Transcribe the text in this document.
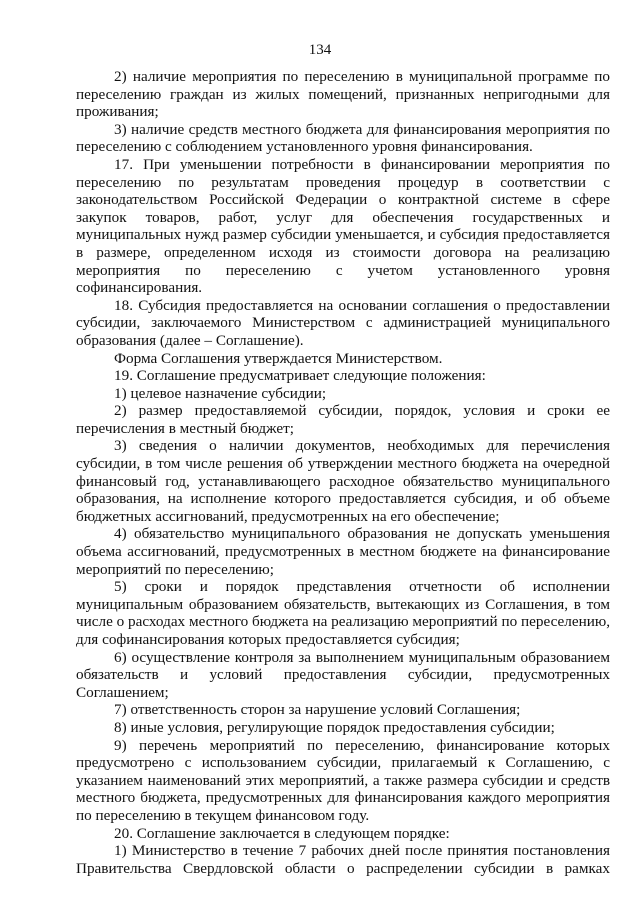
134

2) наличие мероприятия по переселению в муниципальной программе по переселению граждан из жилых помещений, признанных непригодными для проживания;

3) наличие средств местного бюджета для финансирования мероприятия по переселению с соблюдением установленного уровня финансирования.

17. При уменьшении потребности в финансировании мероприятия по переселению по результатам проведения процедур в соответствии с законодательством Российской Федерации о контрактной системе в сфере закупок товаров, работ, услуг для обеспечения государственных и муниципальных нужд размер субсидии уменьшается, и субсидия предоставляется в размере, определенном исходя из стоимости договора на реализацию мероприятия по переселению с учетом установленного уровня софинансирования.

18. Субсидия предоставляется на основании соглашения о предоставлении субсидии, заключаемого Министерством с администрацией муниципального образования (далее – Соглашение).

Форма Соглашения утверждается Министерством.

19. Соглашение предусматривает следующие положения:

1) целевое назначение субсидии;

2) размер предоставляемой субсидии, порядок, условия и сроки ее перечисления в местный бюджет;

3) сведения о наличии документов, необходимых для перечисления субсидии, в том числе решения об утверждении местного бюджета на очередной финансовый год, устанавливающего расходное обязательство муниципального образования, на исполнение которого предоставляется субсидия, и об объеме бюджетных ассигнований, предусмотренных на его обеспечение;

4) обязательство муниципального образования не допускать уменьшения объема ассигнований, предусмотренных в местном бюджете на финансирование мероприятий по переселению;

5) сроки и порядок представления отчетности об исполнении муниципальным образованием обязательств, вытекающих из Соглашения, в том числе о расходах местного бюджета на реализацию мероприятий по переселению, для софинансирования которых предоставляется субсидия;

6) осуществление контроля за выполнением муниципальным образованием обязательств и условий предоставления субсидии, предусмотренных Соглашением;

7) ответственность сторон за нарушение условий Соглашения;

8) иные условия, регулирующие порядок предоставления субсидии;

9) перечень мероприятий по переселению, финансирование которых предусмотрено с использованием субсидии, прилагаемый к Соглашению, с указанием наименований этих мероприятий, а также размера субсидии и средств местного бюджета, предусмотренных для финансирования каждого мероприятия по переселению в текущем финансовом году.

20. Соглашение заключается в следующем порядке:

1) Министерство в течение 7 рабочих дней после принятия постановления Правительства Свердловской области о распределении субсидии в рамках
